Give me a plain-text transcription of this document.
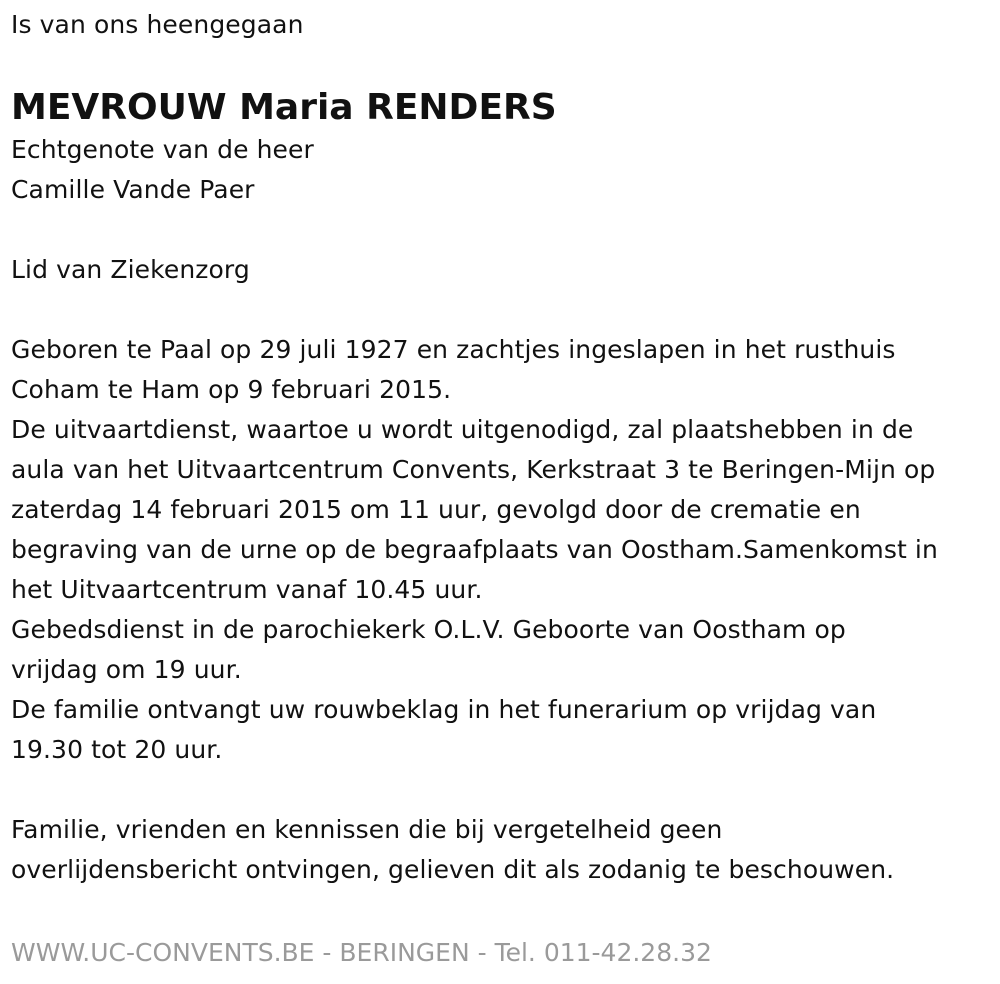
Is van ons heengegaan
MEVROUW Maria RENDERS
Echtgenote van de heer
Camille Vande Paer
Lid van Ziekenzorg
Geboren te Paal op 29 juli 1927 en zachtjes ingeslapen in het rusthuis
Coham te Ham op 9 februari 2015.
De uitvaartdienst, waartoe u wordt uitgenodigd, zal plaatshebben in de
aula van het Uitvaartcentrum Convents, Kerkstraat 3 te Beringen-Mijn op
zaterdag 14 februari 2015 om 11 uur, gevolgd door de crematie en
begraving van de urne op de begraafplaats van Oostham.Samenkomst in
het Uitvaartcentrum vanaf 10.45 uur.
Gebedsdienst in de parochiekerk O.L.V. Geboorte van Oostham op
vrijdag om 19 uur.
De familie ontvangt uw rouwbeklag in het funerarium op vrijdag van
19.30 tot 20 uur.
Familie, vrienden en kennissen die bij vergetelheid geen
overlijdensbericht ontvingen, gelieven dit als zodanig te beschouwen.
WWW.UC-CONVENTS.BE - BERINGEN - Tel. 011-42.28.32
